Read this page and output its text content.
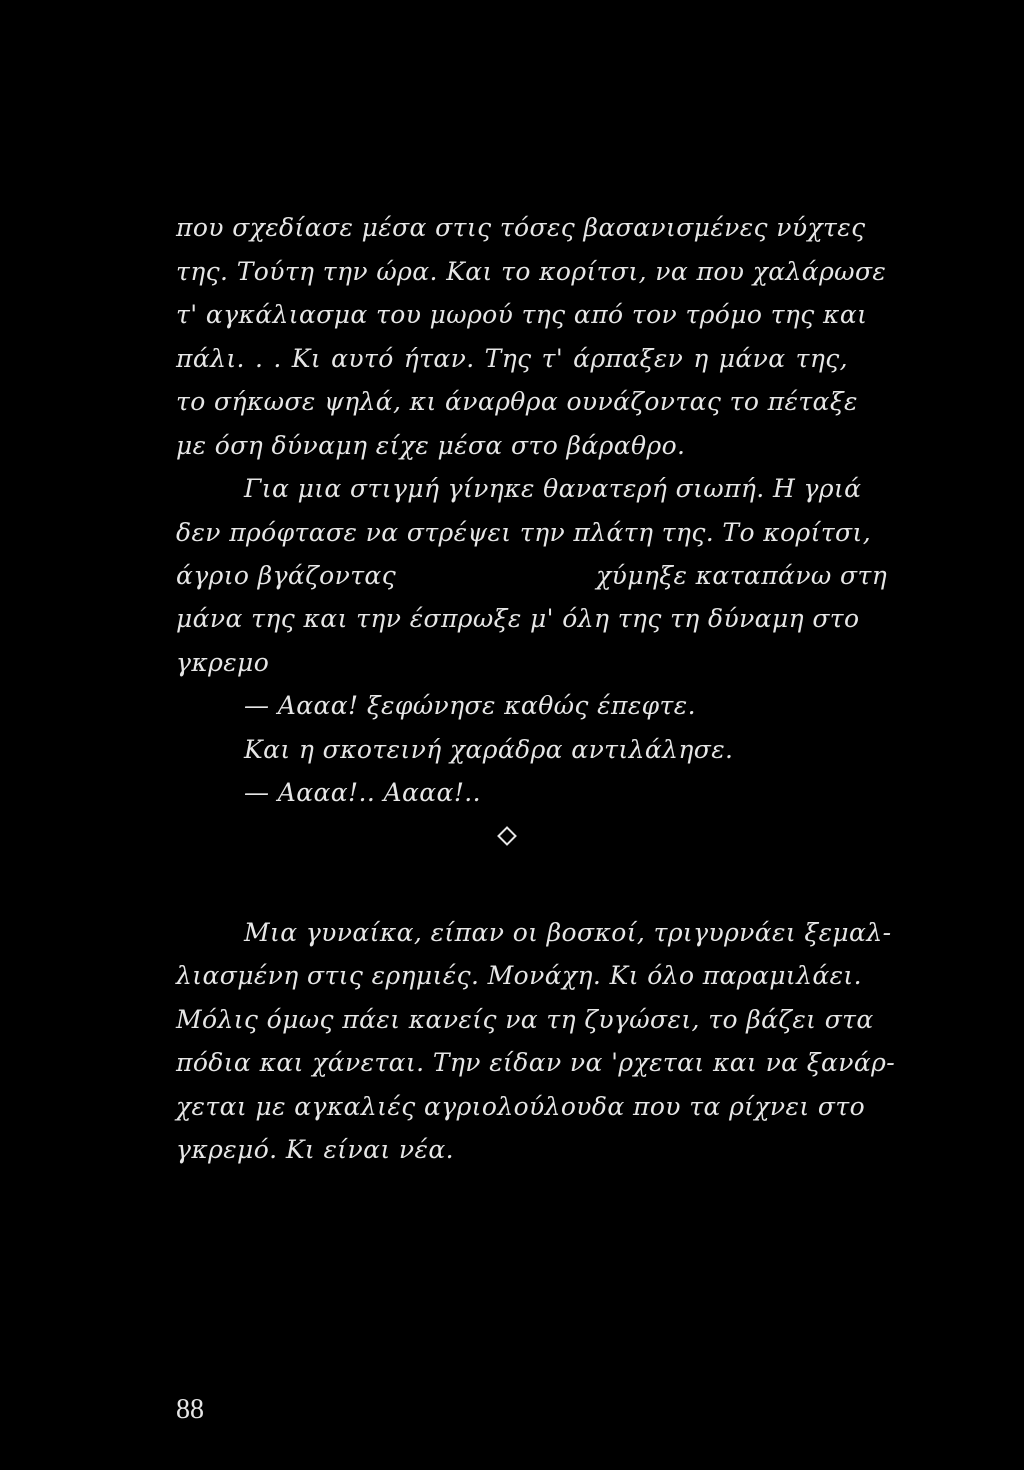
που σχεδίασε μέσα στις τόσες βασανισμένες νύχτες
της. Τούτη την ώρα. Και το κορίτσι, να που χαλάρωσε
τ' αγκάλιασμα του μωρού της από τον τρόμο της και
πάλι. . . Κι αυτό ήταν. Της τ' άρπαξεν η μάνα της,
το σήκωσε ψηλά, κι άναρθρα ουνάζοντας το πέταξε
με όση δύναμη είχε μέσα στο βάραθρο.
Για μια στιγμή γίνηκε θανατερή σιωπή. Η γριά
δεν πρόφτασε να στρέψει την πλάτη της. Το κορίτσι,
άγριο βγάζοντας	χύμηξε καταπάνω στη
μάνα της και την έσπρωξε μ' όλη της τη δύναμη στο
γκρεμο
— Αααα! ξεφώνησε καθώς έπεφτε.
Και η σκοτεινή χαράδρα αντιλάλησε.
— Αααα!.. Αααα!..
Μια γυναίκα, είπαν οι βοσκοί, τριγυρνάει ξεμαλ-
λιασμένη στις ερημιές. Μονάχη. Κι όλο παραμιλάει.
Μόλις όμως πάει κανείς να τη ζυγώσει, το βάζει στα
πόδια και χάνεται. Την είδαν να 'ρχεται και να ξανάρ-
χεται με αγκαλιές αγριολούλουδα που τα ρίχνει στο
γκρεμό. Κι είναι νέα.
88
